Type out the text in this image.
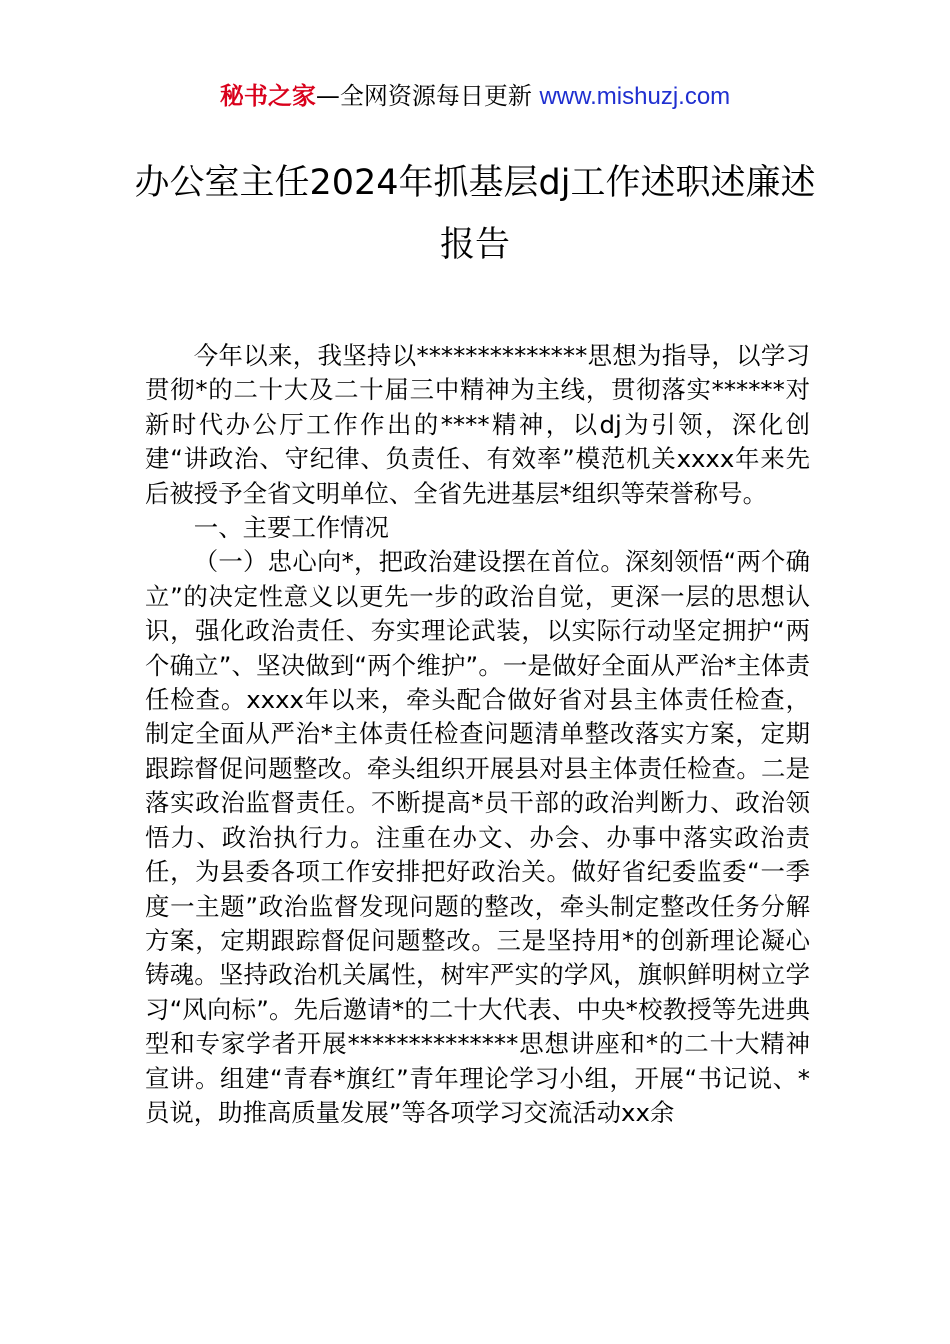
秘书之家—全网资源每日更新 www.mishuzj.com
办公室主任2024年抓基层dj工作述职述廉述报告

今年以来，我坚持以**************思想为指导，以学习贯彻*的二十大及二十届三中精神为主线，贯彻落实******对新时代办公厅工作作出的****精神，以dj为引领，深化创建“讲政治、守纪律、负责任、有效率”模范机关xxxx年来先后被授予全省文明单位、全省先进基层*组织等荣誉称号。

一、主要工作情况

（一）忠心向*，把政治建设摆在首位。深刻领悟“两个确立”的决定性意义以更先一步的政治自觉，更深一层的思想认识，强化政治责任、夯实理论武装，以实际行动坚定拥护“两个确立”、坚决做到“两个维护”。一是做好全面从严治*主体责任检查。xxxx年以来，牵头配合做好省对县主体责任检查，制定全面从严治*主体责任检查问题清单整改落实方案，定期跟踪督促问题整改。牵头组织开展县对县主体责任检查。二是落实政治监督责任。不断提高*员干部的政治判断力、政治领悟力、政治执行力。注重在办文、办会、办事中落实政治责任，为县委各项工作安排把好政治关。做好省纪委监委“一季度一主题”政治监督发现问题的整改，牵头制定整改任务分解方案，定期跟踪督促问题整改。三是坚持用*的创新理论凝心铸魂。坚持政治机关属性，树牢严实的学风，旗帜鲜明树立学习“风向标”。先后邀请*的二十大代表、中央*校教授等先进典型和专家学者开展**************思想讲座和*的二十大精神宣讲。组建“青春*旗红”青年理论学习小组，开展“书记说、*员说，助推高质量发展”等各项学习交流活动xx余
